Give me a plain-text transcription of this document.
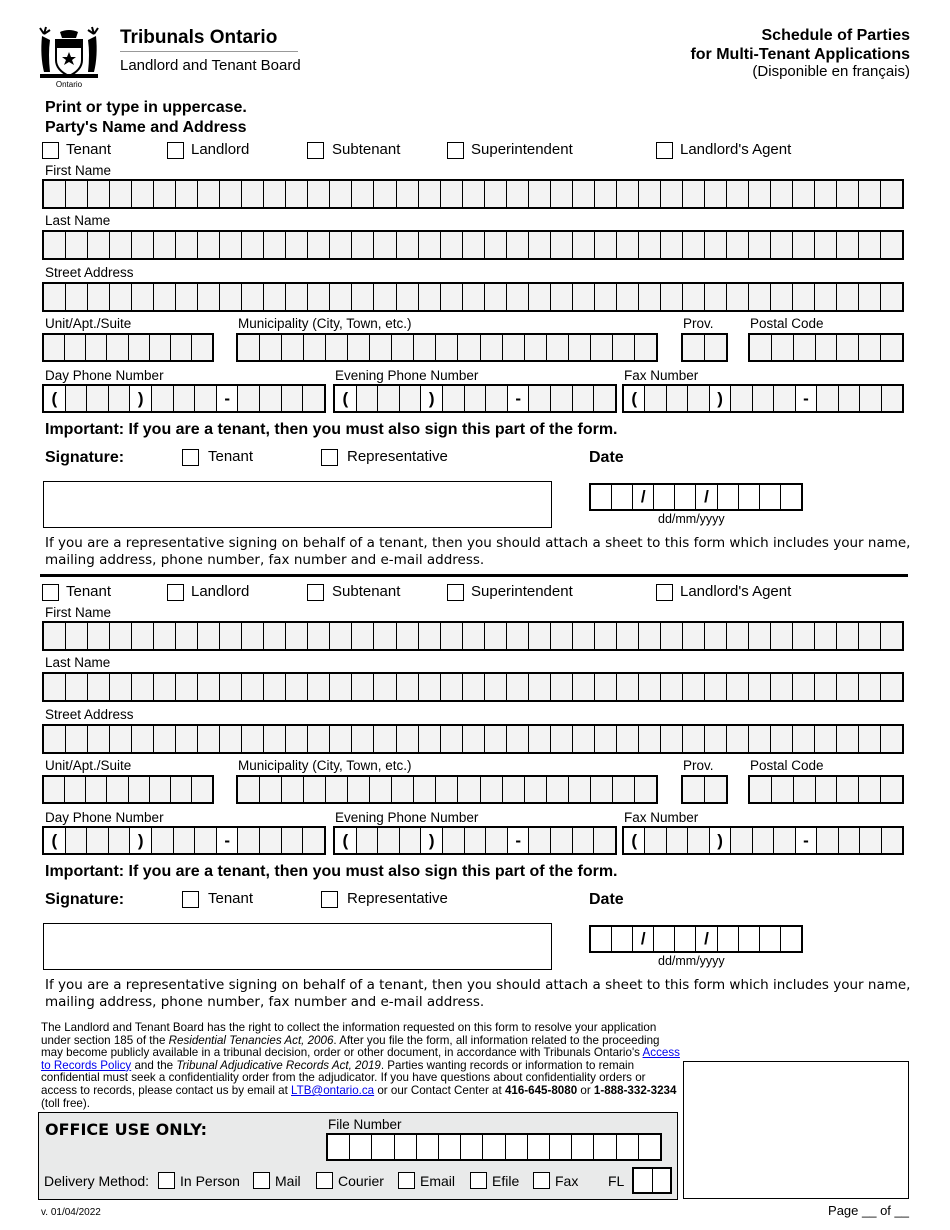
Ontario
Tribunals Ontario
Landlord and Tenant Board
Schedule of Parties
for Multi-Tenant Applications
(Disponible en français)
Print or type in uppercase.
Party's Name and Address
Tenant	Landlord	Subtenant	Superintendent	Landlord's Agent
First Name
Last Name
Street Address
Unit/Apt./Suite	Municipality (City, Town, etc.)	Prov.	Postal Code
Day Phone Number	Evening Phone Number	Fax Number
(	)	-	(	)	-	(	)	-
Important: If you are a tenant, then you must also sign this part of the form.
Signature:	Tenant	Representative	Date
/	/
dd/mm/yyyy
If you are a representative signing on behalf of a tenant, then you should attach a sheet to this form which includes your name, mailing address, phone number, fax number and e-mail address.
Tenant	Landlord	Subtenant	Superintendent	Landlord's Agent
First Name
Last Name
Street Address
Unit/Apt./Suite	Municipality (City, Town, etc.)	Prov.	Postal Code
Day Phone Number	Evening Phone Number	Fax Number
(	)	-	(	)	-	(	)	-
Important: If you are a tenant, then you must also sign this part of the form.
Signature:	Tenant	Representative	Date
/	/
dd/mm/yyyy
If you are a representative signing on behalf of a tenant, then you should attach a sheet to this form which includes your name, mailing address, phone number, fax number and e-mail address.
The Landlord and Tenant Board has the right to collect the information requested on this form to resolve your application under section 185 of the Residential Tenancies Act, 2006. After you file the form, all information related to the proceeding may become publicly available in a tribunal decision, order or other document, in accordance with Tribunals Ontario's Access to Records Policy and the Tribunal Adjudicative Records Act, 2019. Parties wanting records or information to remain confidential must seek a confidentiality order from the adjudicator. If you have questions about confidentiality orders or access to records, please contact us by email at LTB@ontario.ca or our Contact Center at 416-645-8080 or 1-888-332-3234 (toll free).
OFFICE USE ONLY:	File Number
Delivery Method: In Person	Mail	Courier	Email	Efile	Fax FL
v. 01/04/2022	Page __ of __
